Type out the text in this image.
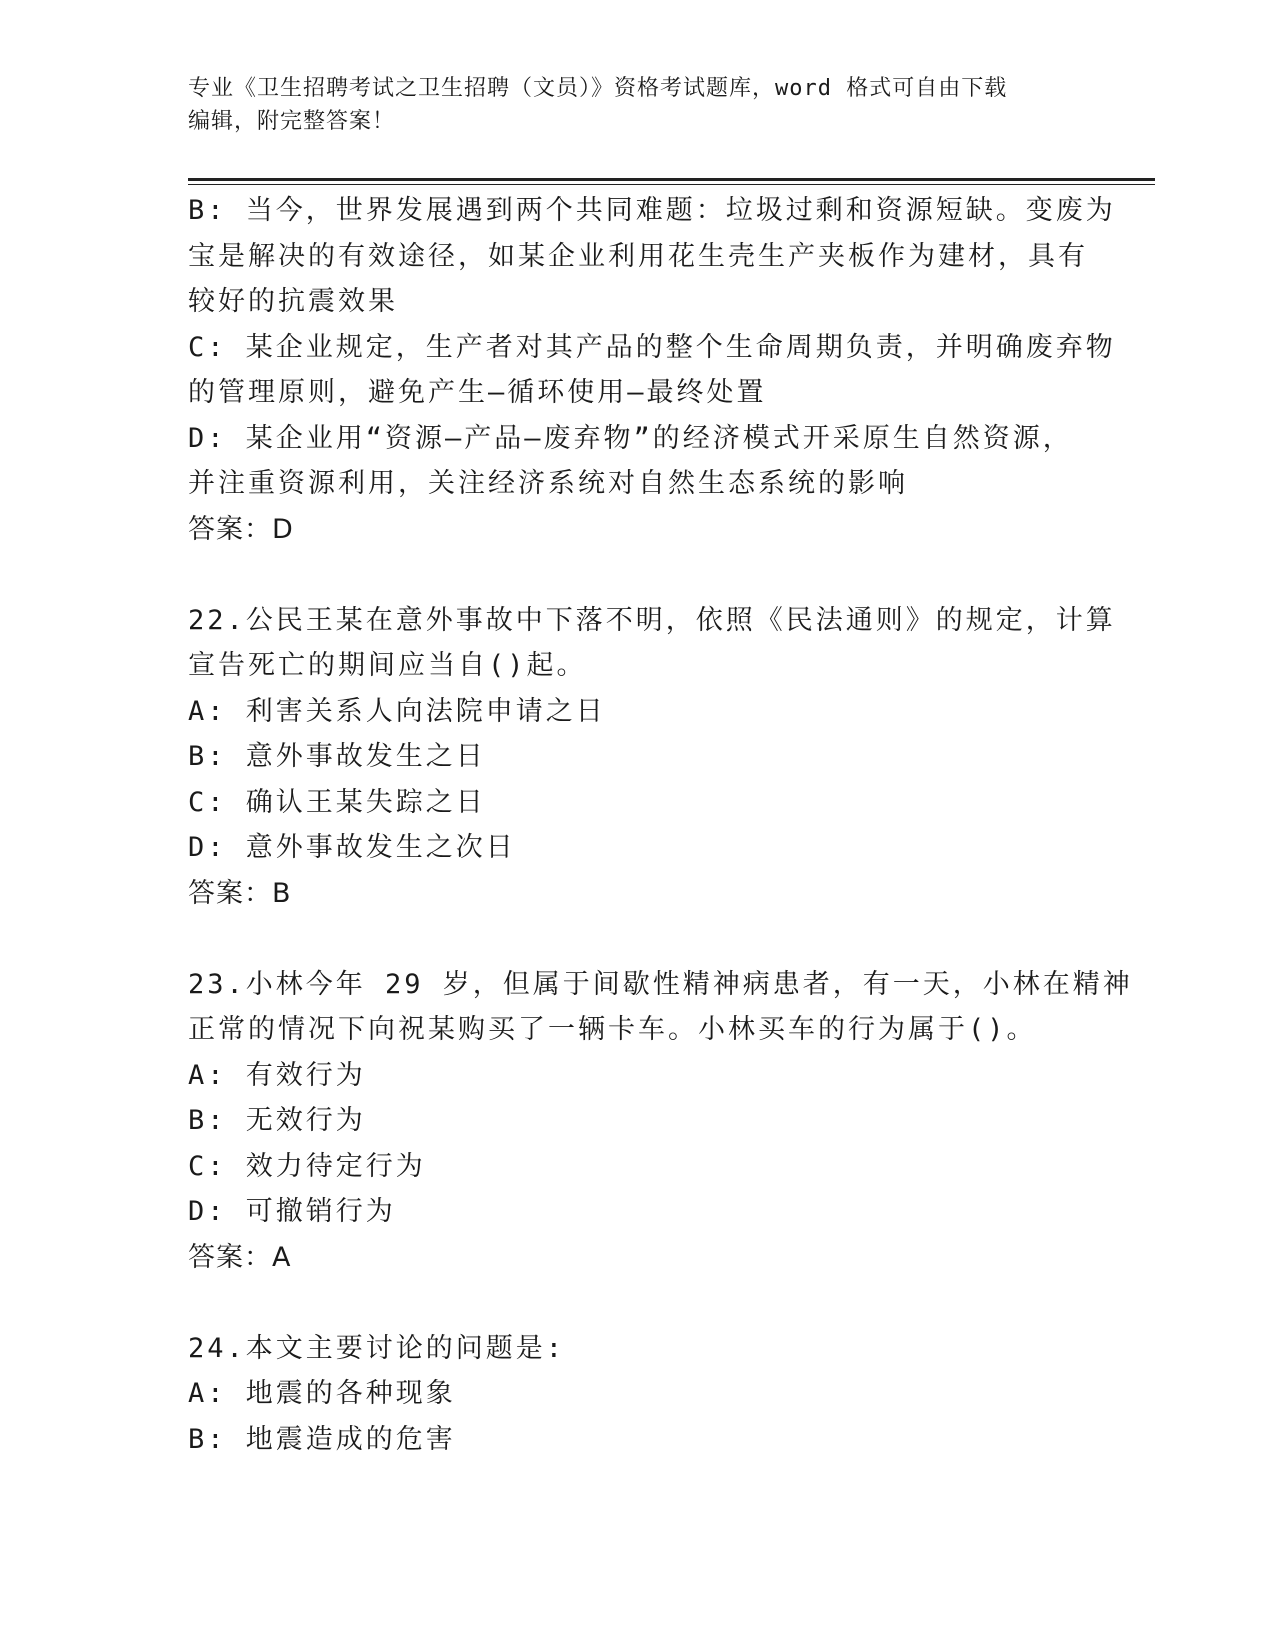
专业《卫生招聘考试之卫生招聘（文员）》资格考试题库，word 格式可自由下载
编辑，附完整答案！
B: 当今，世界发展遇到两个共同难题：垃圾过剩和资源短缺。变废为
宝是解决的有效途径，如某企业利用花生壳生产夹板作为建材，具有
较好的抗震效果
C: 某企业规定，生产者对其产品的整个生命周期负责，并明确废弃物
的管理原则，避免产生—循环使用—最终处置
D: 某企业用“资源—产品—废弃物”的经济模式开采原生自然资源，
并注重资源利用，关注经济系统对自然生态系统的影响
答案：D
22.公民王某在意外事故中下落不明，依照《民法通则》的规定，计算
宣告死亡的期间应当自()起。
A: 利害关系人向法院申请之日
B: 意外事故发生之日
C: 确认王某失踪之日
D: 意外事故发生之次日
答案：B
23.小林今年 29 岁，但属于间歇性精神病患者，有一天，小林在精神
正常的情况下向祝某购买了一辆卡车。小林买车的行为属于()。
A: 有效行为
B: 无效行为
C: 效力待定行为
D: 可撤销行为
答案：A
24.本文主要讨论的问题是:
A: 地震的各种现象
B: 地震造成的危害
